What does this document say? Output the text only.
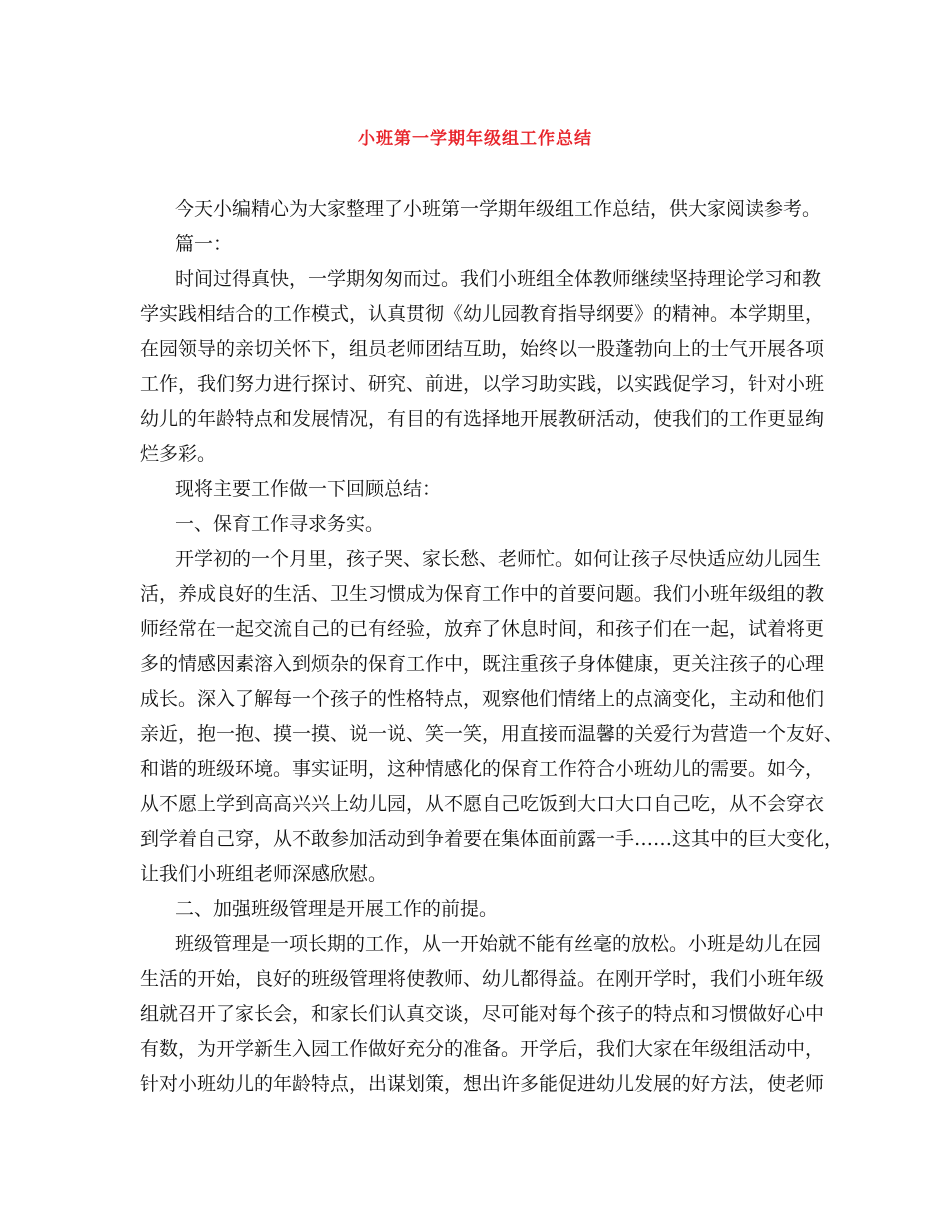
小班第一学期年级组工作总结
今天小编精心为大家整理了小班第一学期年级组工作总结，供大家阅读参考。
篇一：
时间过得真快，一学期匆匆而过。我们小班组全体教师继续坚持理论学习和教
学实践相结合的工作模式，认真贯彻《幼儿园教育指导纲要》的精神。本学期里，
在园领导的亲切关怀下，组员老师团结互助，始终以一股蓬勃向上的士气开展各项
工作，我们努力进行探讨、研究、前进，以学习助实践，以实践促学习，针对小班
幼儿的年龄特点和发展情况，有目的有选择地开展教研活动，使我们的工作更显绚
烂多彩。
现将主要工作做一下回顾总结：
一、保育工作寻求务实。
开学初的一个月里，孩子哭、家长愁、老师忙。如何让孩子尽快适应幼儿园生
活，养成良好的生活、卫生习惯成为保育工作中的首要问题。我们小班年级组的教
师经常在一起交流自己的已有经验，放弃了休息时间，和孩子们在一起，试着将更
多的情感因素溶入到烦杂的保育工作中，既注重孩子身体健康，更关注孩子的心理
成长。深入了解每一个孩子的性格特点，观察他们情绪上的点滴变化，主动和他们
亲近，抱一抱、摸一摸、说一说、笑一笑，用直接而温馨的关爱行为营造一个友好、
和谐的班级环境。事实证明，这种情感化的保育工作符合小班幼儿的需要。如今，
从不愿上学到高高兴兴上幼儿园，从不愿自己吃饭到大口大口自己吃，从不会穿衣
到学着自己穿，从不敢参加活动到争着要在集体面前露一手……这其中的巨大变化，
让我们小班组老师深感欣慰。
二、加强班级管理是开展工作的前提。
班级管理是一项长期的工作，从一开始就不能有丝毫的放松。小班是幼儿在园
生活的开始，良好的班级管理将使教师、幼儿都得益。在刚开学时，我们小班年级
组就召开了家长会，和家长们认真交谈，尽可能对每个孩子的特点和习惯做好心中
有数，为开学新生入园工作做好充分的准备。开学后，我们大家在年级组活动中，
针对小班幼儿的年龄特点，出谋划策，想出许多能促进幼儿发展的好方法，使老师
